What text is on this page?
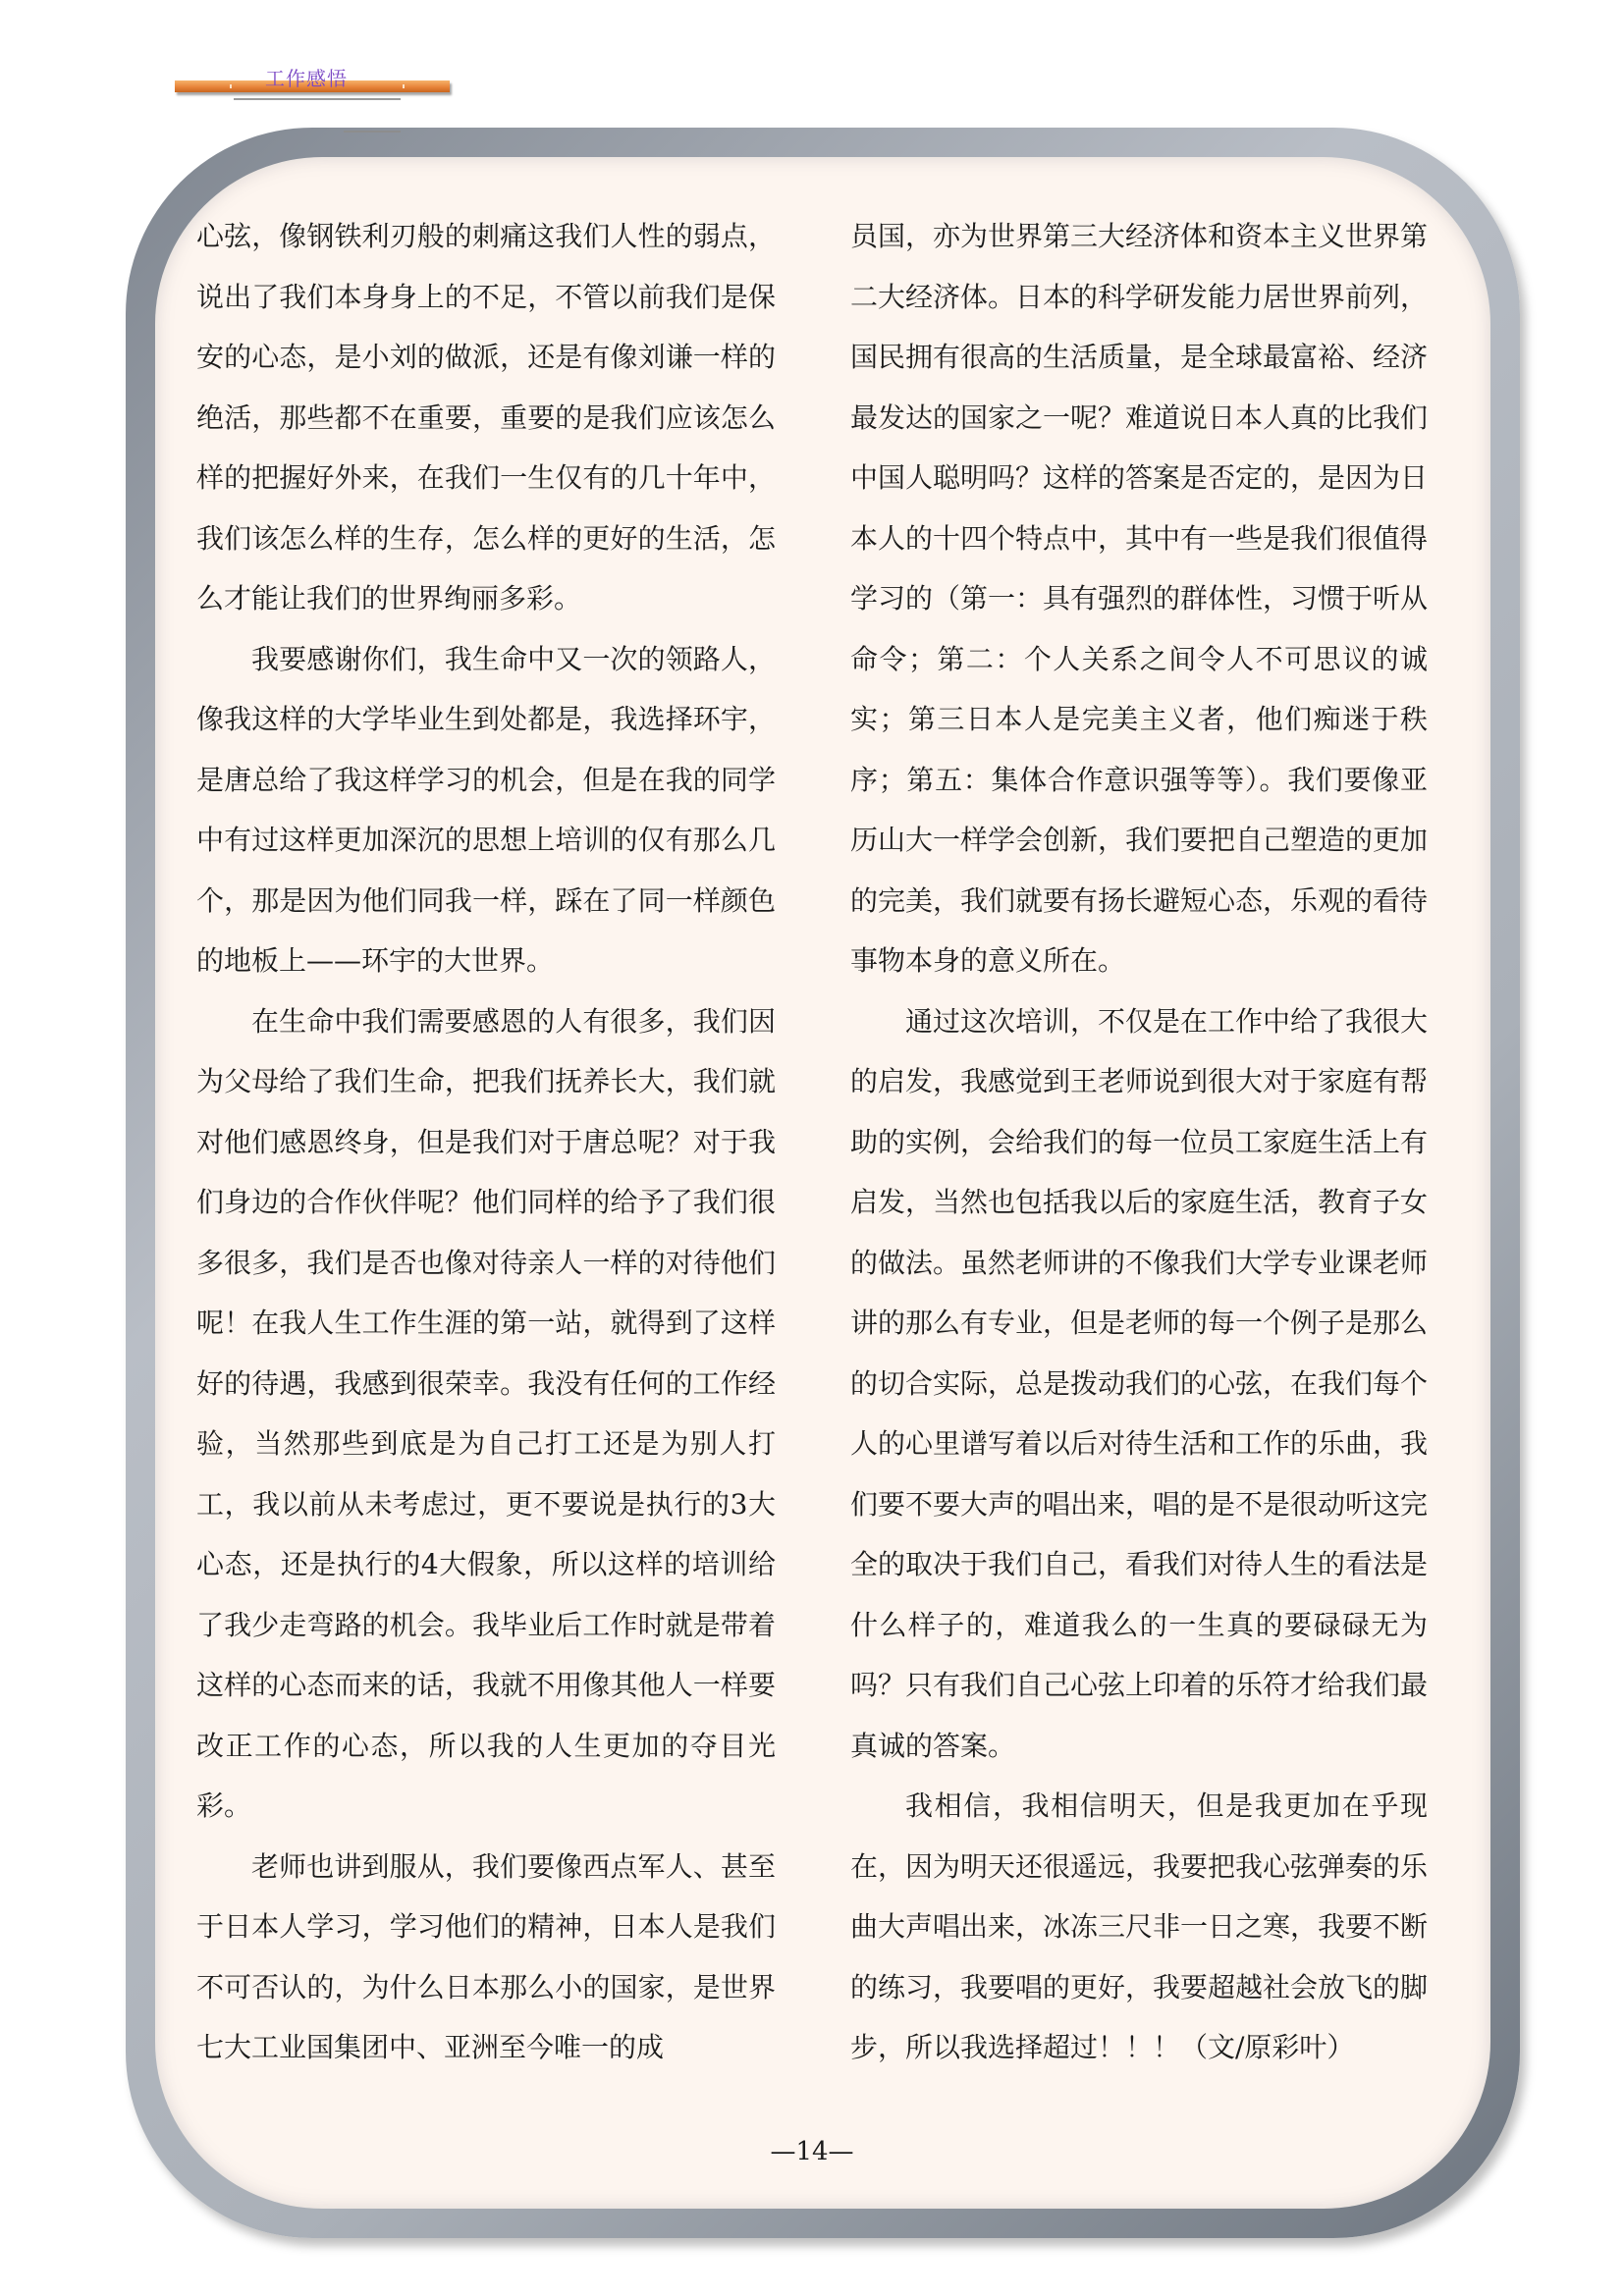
工作感悟

心弦，像钢铁利刃般的刺痛这我们人性的弱点，说出了我们本身身上的不足，不管以前我们是保安的心态，是小刘的做派，还是有像刘谦一样的绝活，那些都不在重要，重要的是我们应该怎么样的把握好外来，在我们一生仅有的几十年中，我们该怎么样的生存，怎么样的更好的生活，怎么才能让我们的世界绚丽多彩。

我要感谢你们，我生命中又一次的领路人，像我这样的大学毕业生到处都是，我选择环宇，是唐总给了我这样学习的机会，但是在我的同学中有过这样更加深沉的思想上培训的仅有那么几个，那是因为他们同我一样，踩在了同一样颜色的地板上——环宇的大世界。

在生命中我们需要感恩的人有很多，我们因为父母给了我们生命，把我们抚养长大，我们就对他们感恩终身，但是我们对于唐总呢？对于我们身边的合作伙伴呢？他们同样的给予了我们很多很多，我们是否也像对待亲人一样的对待他们呢！在我人生工作生涯的第一站，就得到了这样好的待遇，我感到很荣幸。我没有任何的工作经验，当然那些到底是为自己打工还是为别人打工，我以前从未考虑过，更不要说是执行的3大心态，还是执行的4大假象，所以这样的培训给了我少走弯路的机会。我毕业后工作时就是带着这样的心态而来的话，我就不用像其他人一样要改正工作的心态，所以我的人生更加的夺目光彩。

老师也讲到服从，我们要像西点军人、甚至于日本人学习，学习他们的精神，日本人是我们不可否认的，为什么日本那么小的国家，是世界七大工业国集团中、亚洲至今唯一的成

员国，亦为世界第三大经济体和资本主义世界第二大经济体。日本的科学研发能力居世界前列，国民拥有很高的生活质量，是全球最富裕、经济最发达的国家之一呢？难道说日本人真的比我们中国人聪明吗？这样的答案是否定的，是因为日本人的十四个特点中，其中有一些是我们很值得学习的（第一：具有强烈的群体性，习惯于听从命令；第二：个人关系之间令人不可思议的诚实；第三日本人是完美主义者，他们痴迷于秩序；第五：集体合作意识强等等）。我们要像亚历山大一样学会创新，我们要把自己塑造的更加的完美，我们就要有扬长避短心态，乐观的看待事物本身的意义所在。

通过这次培训，不仅是在工作中给了我很大的启发，我感觉到王老师说到很大对于家庭有帮助的实例，会给我们的每一位员工家庭生活上有启发，当然也包括我以后的家庭生活，教育子女的做法。虽然老师讲的不像我们大学专业课老师讲的那么有专业，但是老师的每一个例子是那么的切合实际，总是拨动我们的心弦，在我们每个人的心里谱写着以后对待生活和工作的乐曲，我们要不要大声的唱出来，唱的是不是很动听这完全的取决于我们自己，看我们对待人生的看法是什么样子的，难道我么的一生真的要碌碌无为吗？只有我们自己心弦上印着的乐符才给我们最真诚的答案。

我相信，我相信明天，但是我更加在乎现在，因为明天还很遥远，我要把我心弦弹奏的乐曲大声唱出来，冰冻三尺非一日之寒，我要不断的练习，我要唱的更好，我要超越社会放飞的脚步，所以我选择超过！！！（文/原彩叶）

—14—
